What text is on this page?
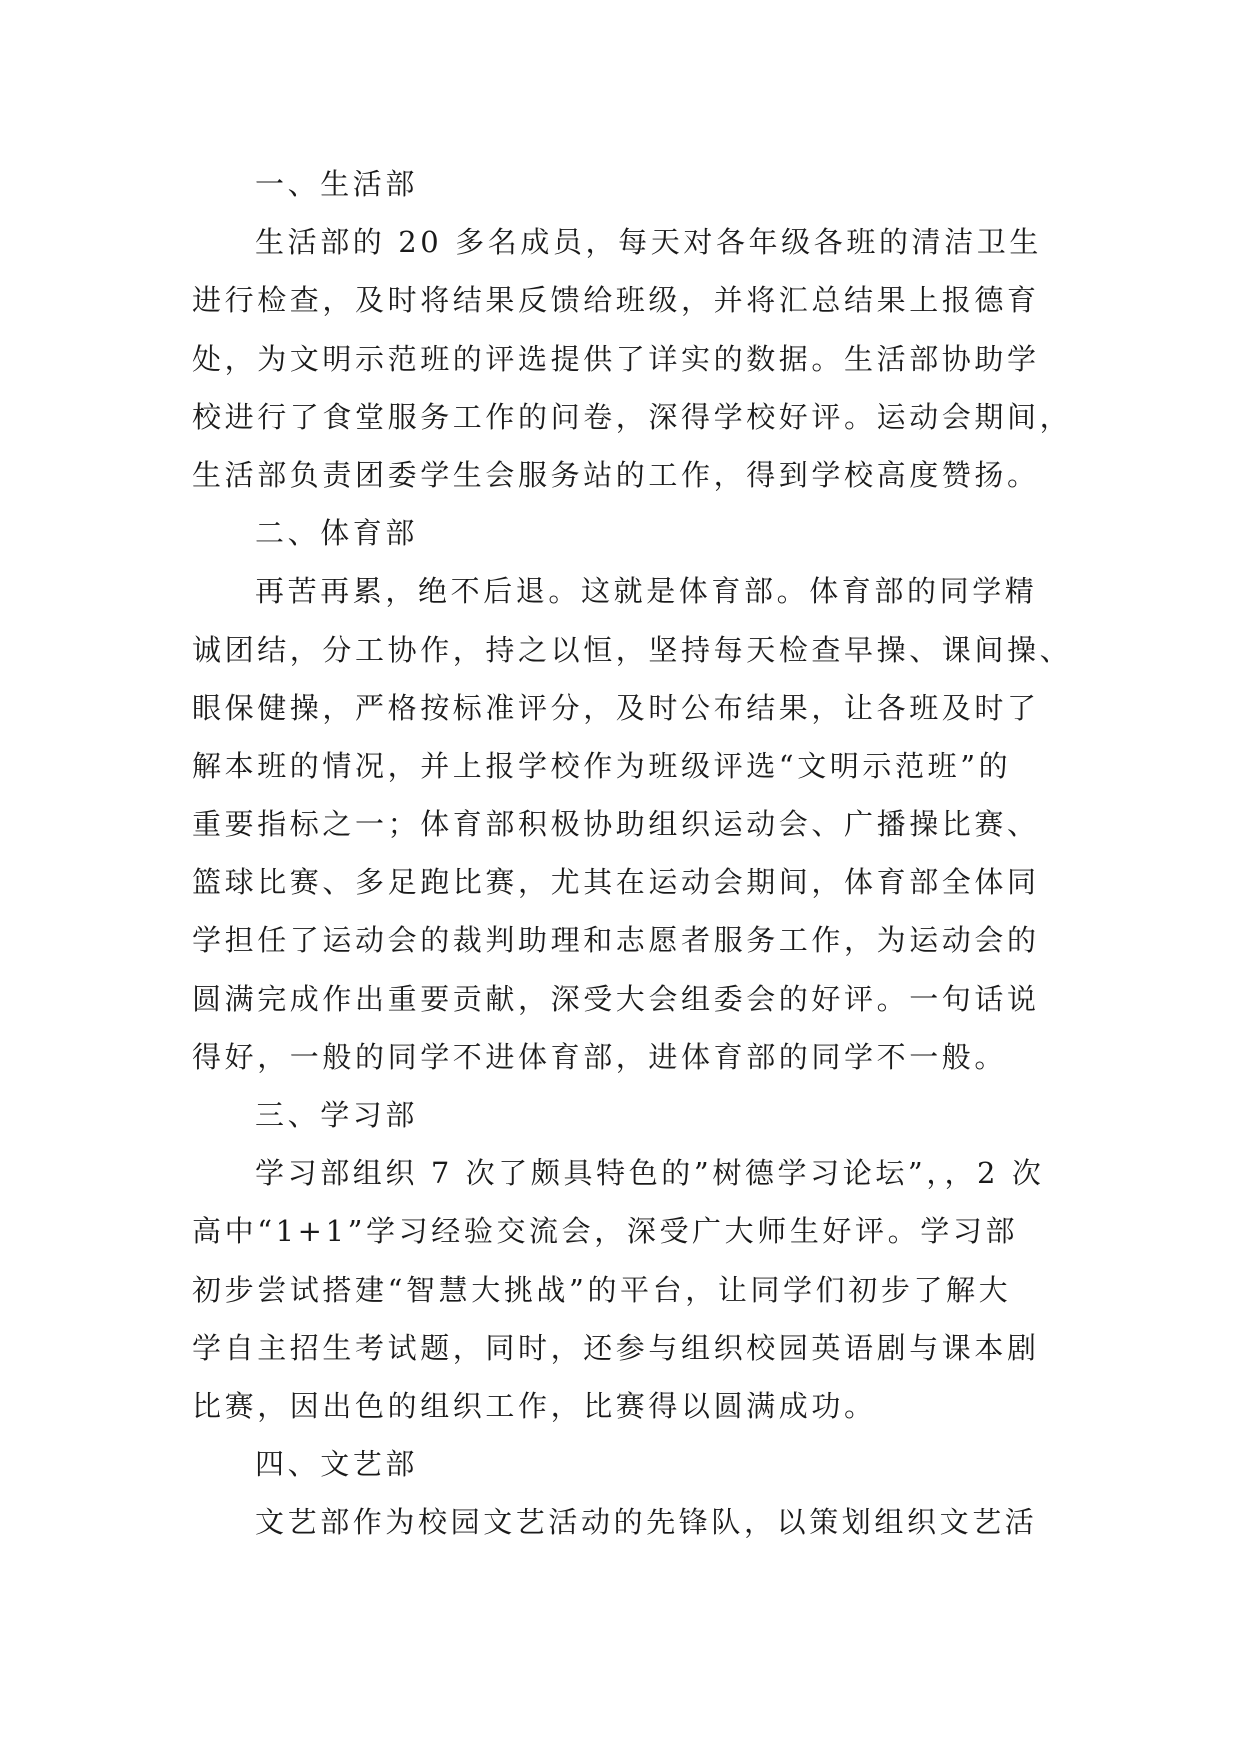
一、生活部
生活部的 20 多名成员，每天对各年级各班的清洁卫生
进行检查，及时将结果反馈给班级，并将汇总结果上报德育
处，为文明示范班的评选提供了详实的数据。生活部协助学
校进行了食堂服务工作的问卷，深得学校好评。运动会期间，
生活部负责团委学生会服务站的工作，得到学校高度赞扬。
二、体育部
再苦再累，绝不后退。这就是体育部。体育部的同学精
诚团结，分工协作，持之以恒，坚持每天检查早操、课间操、
眼保健操，严格按标准评分，及时公布结果，让各班及时了
解本班的情况，并上报学校作为班级评选“文明示范班”的
重要指标之一；体育部积极协助组织运动会、广播操比赛、
篮球比赛、多足跑比赛，尤其在运动会期间，体育部全体同
学担任了运动会的裁判助理和志愿者服务工作，为运动会的
圆满完成作出重要贡献，深受大会组委会的好评。一句话说
得好，一般的同学不进体育部，进体育部的同学不一般。
三、学习部
学习部组织 7 次了颇具特色的”树德学习论坛”，，2 次
高中“1+1”学习经验交流会，深受广大师生好评。学习部
初步尝试搭建“智慧大挑战”的平台，让同学们初步了解大
学自主招生考试题，同时，还参与组织校园英语剧与课本剧
比赛，因出色的组织工作，比赛得以圆满成功。
四、文艺部
文艺部作为校园文艺活动的先锋队，以策划组织文艺活
